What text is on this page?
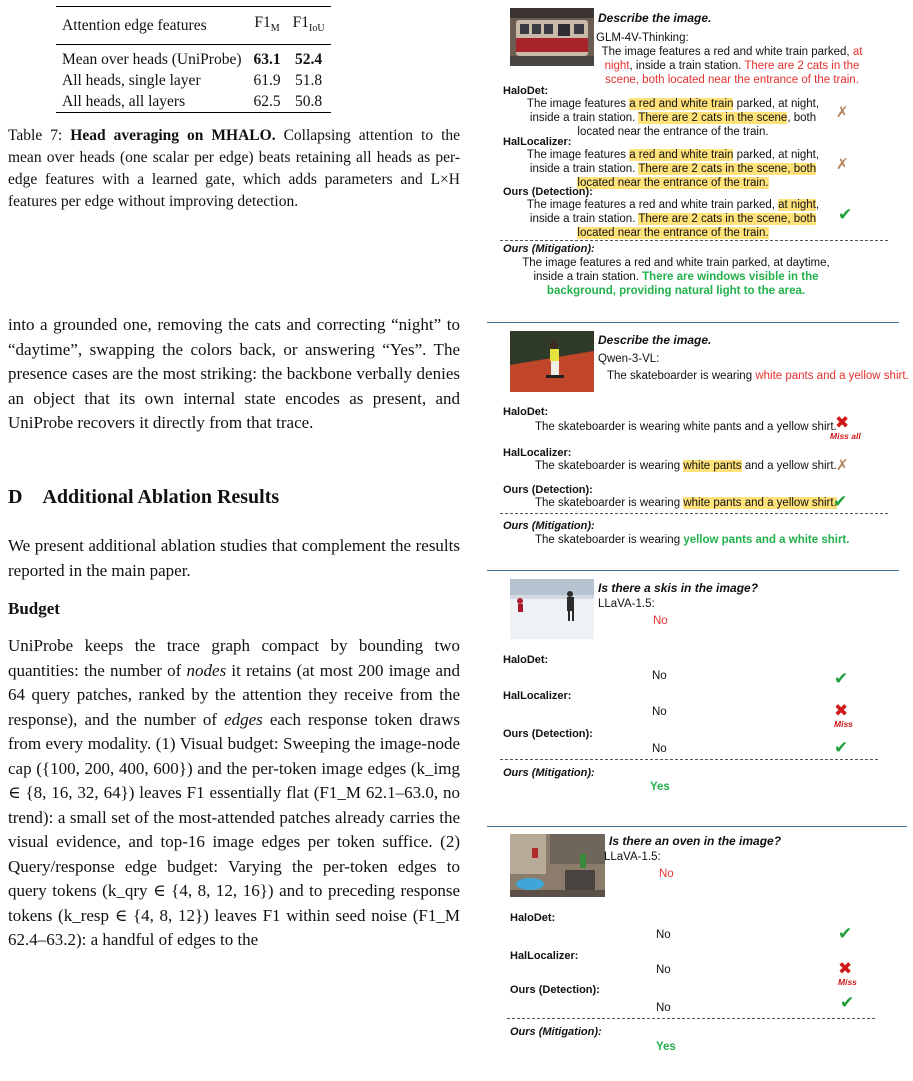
Attention edge features	$F1_M$	$F1_{IoU}$
Mean over heads (UniProbe)	63.1	52.4
All heads, single layer	61.9	51.8
All heads, all layers	62.5	50.8
Table 7: Head averaging on MHALO. Collapsing attention to the mean over heads (one scalar per edge) beats retaining all heads as per-edge features with a learned gate, which adds parameters and L×H features per edge without improving detection.
into a grounded one, removing the cats and correcting “night” to “daytime”, swapping the colors back, or answering “Yes”. The presence cases are the most striking: the backbone verbally denies an object that its own internal state encodes as present, and UniProbe recovers it directly from that trace.
D Additional Ablation Results
We present additional ablation studies that complement the results reported in the main paper.
Budget
UniProbe keeps the trace graph compact by bounding two quantities: the number of nodes it retains (at most 200 image and 64 query patches, ranked by the attention they receive from the response), and the number of edges each response token draws from every modality. (1) Visual budget: Sweeping the image-node cap ({100, 200, 400, 600}) and the per-token image edges (k_img ∈ {8, 16, 32, 64}) leaves F1 essentially flat (F1_M 62.1–63.0, no trend): a small set of the most-attended patches already carries the visual evidence, and top-16 image edges per token suffice. (2) Query/response edge budget: Varying the per-token edges to query tokens (k_qry ∈ {4, 8, 12, 16}) and to preceding response tokens (k_resp ∈ {4, 8, 12}) leaves F1 within seed noise (F1_M 62.4–63.2): a handful of edges to the
Describe the image.
GLM-4V-Thinking:
The image features a red and white train parked, at night, inside a train station. There are 2 cats in the scene, both located near the entrance of the train.
HaloDet:
The image features a red and white train parked, at night, inside a train station. There are 2 cats in the scene, both located near the entrance of the train.
✗
HalLocalizer:
The image features a red and white train parked, at night, inside a train station. There are 2 cats in the scene, both located near the entrance of the train.
✗
Ours (Detection):
The image features a red and white train parked, at night, inside a train station. There are 2 cats in the scene, both located near the entrance of the train.
✔
Ours (Mitigation):
The image features a red and white train parked, at daytime, inside a train station. There are windows visible in the background, providing natural light to the area.
Describe the image.
Qwen-3-VL:
The skateboarder is wearing white pants and a yellow shirt.
HaloDet:
The skateboarder is wearing white pants and a yellow shirt.
✖
Miss all
HalLocalizer:
The skateboarder is wearing white pants and a yellow shirt. ✗
Ours (Detection):
The skateboarder is wearing white pants and a yellow shirt.
✔
Ours (Mitigation):
The skateboarder is wearing yellow pants and a white shirt.
Is there a skis in the image?
LLaVA-1.5:
No
HaloDet:
No	✔
HalLocalizer:
No	✖
Miss
Ours (Detection):
No	✔
Ours (Mitigation):
Yes
Is there an oven in the image?
LLaVA-1.5:
No
HaloDet:
No	✔
HalLocalizer:
No	✖
Miss
Ours (Detection):
No	✔
Ours (Mitigation):
Yes
